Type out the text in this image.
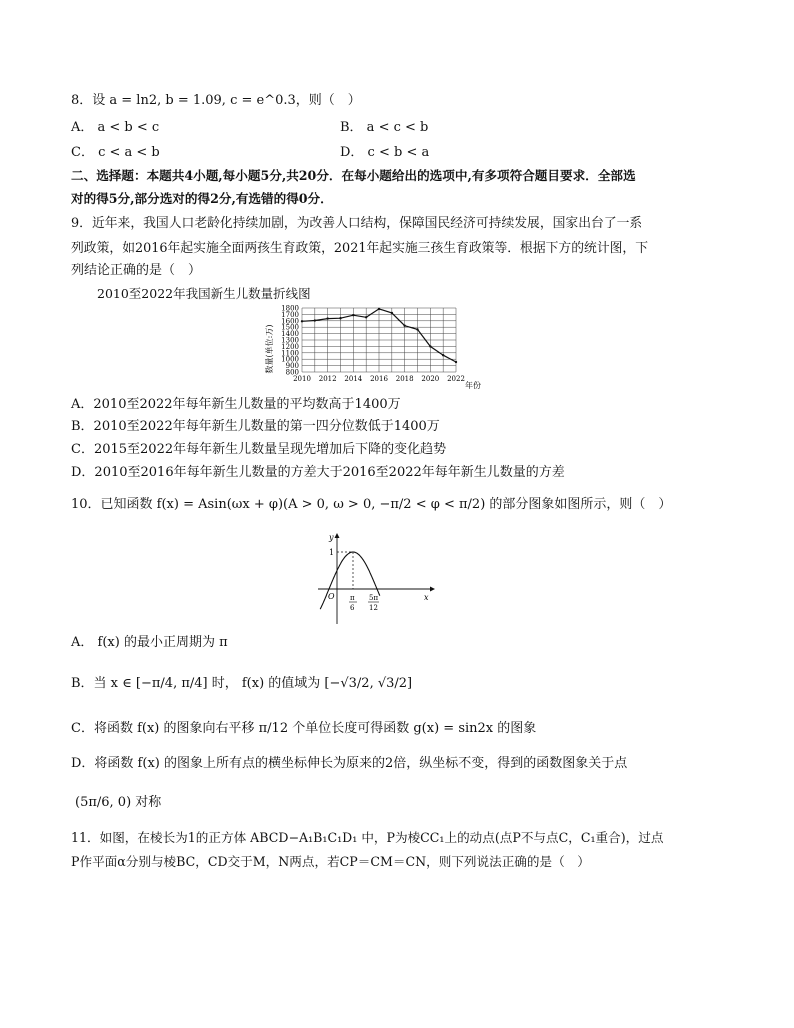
8．设 a = ln2, b = 1.09, c = e^0.3，则（　）
A． a < b < c	B． a < c < b
C． c < a < b	D． c < b < a
二、选择题：本题共4小题,每小题5分,共20分．在每小题给出的选项中,有多项符合题目要求．全部选
对的得5分,部分选对的得2分,有选错的得0分．
9．近年来，我国人口老龄化持续加剧，为改善人口结构，保障国民经济可持续发展，国家出台了一系
列政策，如2016年起实施全面两孩生育政策，2021年起实施三孩生育政策等．根据下方的统计图，下
列结论正确的是（　）
2010至2022年我国新生儿数量折线图
800
900
1000
1100
1200
1300
1400
1500
1600
1700
1800
2010 2012 2014 2016 2018 2020 2022
数量(单位:万)
年份
A．2010至2022年每年新生儿数量的平均数高于1400万
B．2010至2022年每年新生儿数量的第一四分位数低于1400万
C．2015至2022年每年新生儿数量呈现先增加后下降的变化趋势
D．2010至2016年每年新生儿数量的方差大于2016至2022年每年新生儿数量的方差
10．已知函数 f(x) = Asin(ωx + φ)(A > 0, ω > 0, −π/2 < φ < π/2) 的部分图象如图所示，则（　）
y
x
O
1
π
6
5π
12
A． f(x) 的最小正周期为 π
B．当 x ∈ [−π/4, π/4] 时， f(x) 的值域为 [−√3/2, √3/2]
C．将函数 f(x) 的图象向右平移 π/12 个单位长度可得函数 g(x) = sin2x 的图象
D．将函数 f(x) 的图象上所有点的横坐标伸长为原来的2倍，纵坐标不变，得到的函数图象关于点
(5π/6, 0) 对称
11．如图，在棱长为1的正方体 ABCD−A₁B₁C₁D₁ 中，P为棱CC₁上的动点(点P不与点C，C₁重合)，过点
P作平面α分别与棱BC，CD交于M，N两点，若CP＝CM＝CN，则下列说法正确的是（　）
